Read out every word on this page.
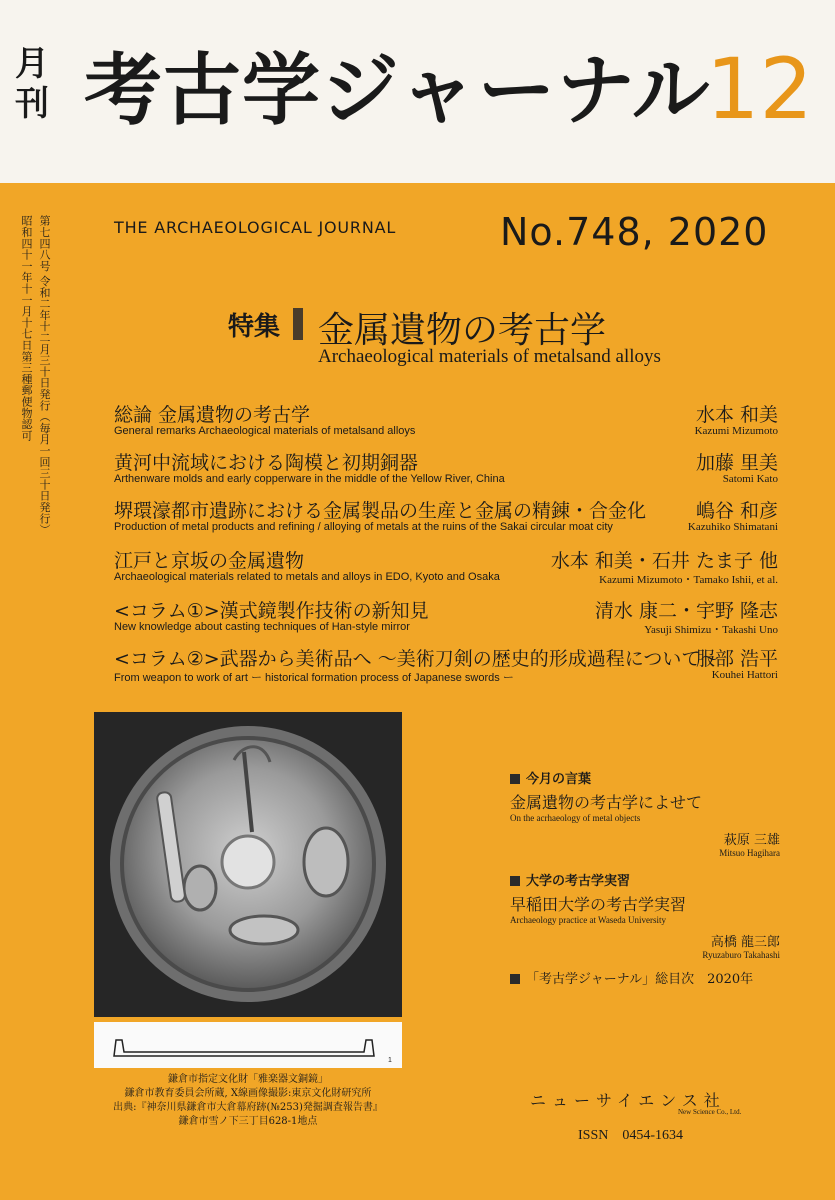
月刊 考古学ジャーナル
12
第七四八号 令和二年十二月三十日発行（毎月一回三十日発行）
昭和四十一年十一月十七日第三種郵便物認可	THE ARCHAEOLOGICAL JOURNAL	No.748, 2020
特集 金属遺物の考古学
Archaeological materials of metalsand alloys
総論 金属遺物の考古学
General remarks Archaeological materials of metalsand alloys
水本 和美
Kazumi Mizumoto
黄河中流域における陶模と初期銅器
Arthenware molds and early copperware in the middle of the Yellow River, China
加藤 里美
Satomi Kato
堺環濠都市遺跡における金属製品の生産と金属の精錬・合金化
Production of metal products and refining / alloying of metals at the ruins of the Sakai circular moat city
嶋谷 和彦
Kazuhiko Shimatani
江戸と京坂の金属遺物
Archaeological materials related to metals and alloys in EDO, Kyoto and Osaka
水本 和美・石井 たま子 他
Kazumi Mizumoto・Tamako Ishii, et al.
<コラム①>漢式鏡製作技術の新知見
New knowledge about casting techniques of Han-style mirror
清水 康二・宇野 隆志
Yasuji Shimizu・Takashi Uno
<コラム②>武器から美術品へ ～美術刀剣の歴史的形成過程について～
From weapon to work of art ー historical formation process of Japanese swords ー
服部 浩平
Kouhei Hattori
1
鎌倉市指定文化財「雅楽器文銅鏡」
鎌倉市教育委員会所蔵, X線画像撮影:東京文化財研究所
出典:『神奈川県鎌倉市大倉幕府跡(№253)発掘調査報告書』
鎌倉市雪ノ下三丁目628-1地点
今月の言葉
金属遺物の考古学によせて
On the acrhaeology of metal objects
萩原 三雄
Mitsuo Hagihara
大学の考古学実習
早稲田大学の考古学実習
Archaeology practice at Waseda University
高橋 龍三郎
Ryuzaburo Takahashi
「考古学ジャーナル」総目次　2020年
ニューサイエンス社
New Science Co., Ltd.
ISSN　0454-1634
